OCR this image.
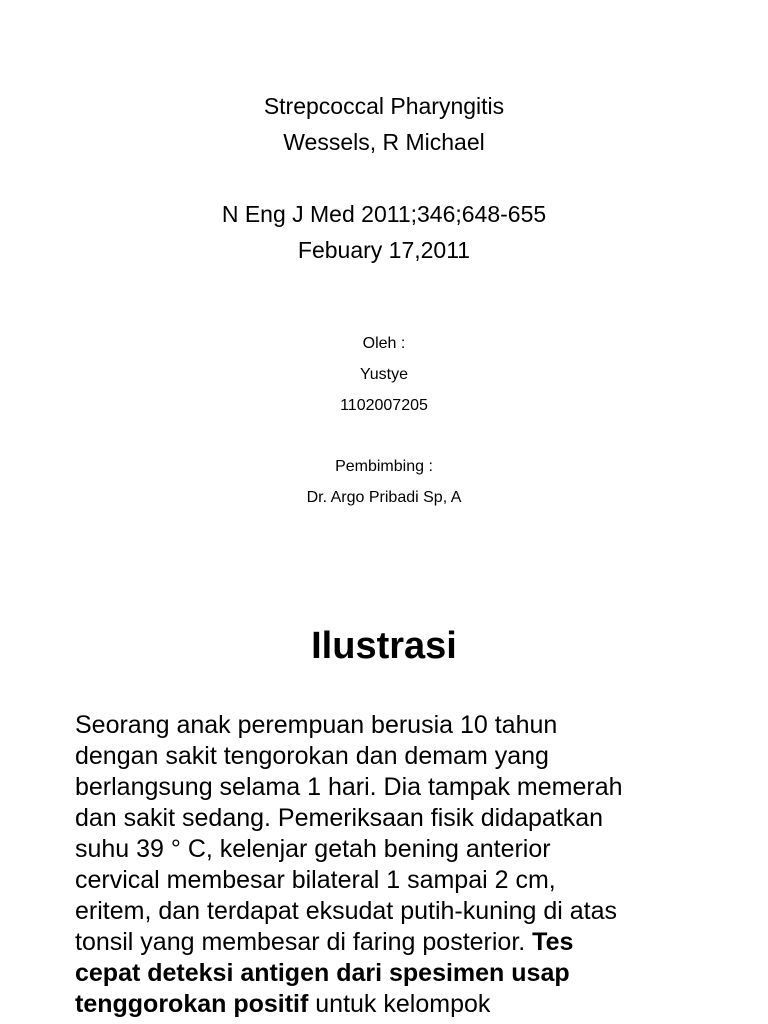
Strepcoccal Pharyngitis
Wessels, R Michael
N Eng J Med 2011;346;648-655
Febuary 17,2011
Oleh :
Yustye
1102007205
Pembimbing :
Dr. Argo Pribadi Sp, A
Ilustrasi
Seorang anak perempuan berusia 10 tahun
dengan sakit tengorokan dan demam yang
berlangsung selama 1 hari. Dia tampak memerah
dan sakit sedang. Pemeriksaan fisik didapatkan
suhu 39 ° C, kelenjar getah bening anterior
cervical membesar bilateral 1 sampai 2 cm,
eritem, dan terdapat eksudat putih-kuning di atas
tonsil yang membesar di faring posterior. Tes
cepat deteksi antigen dari spesimen usap
tenggorokan positif untuk kelompok
